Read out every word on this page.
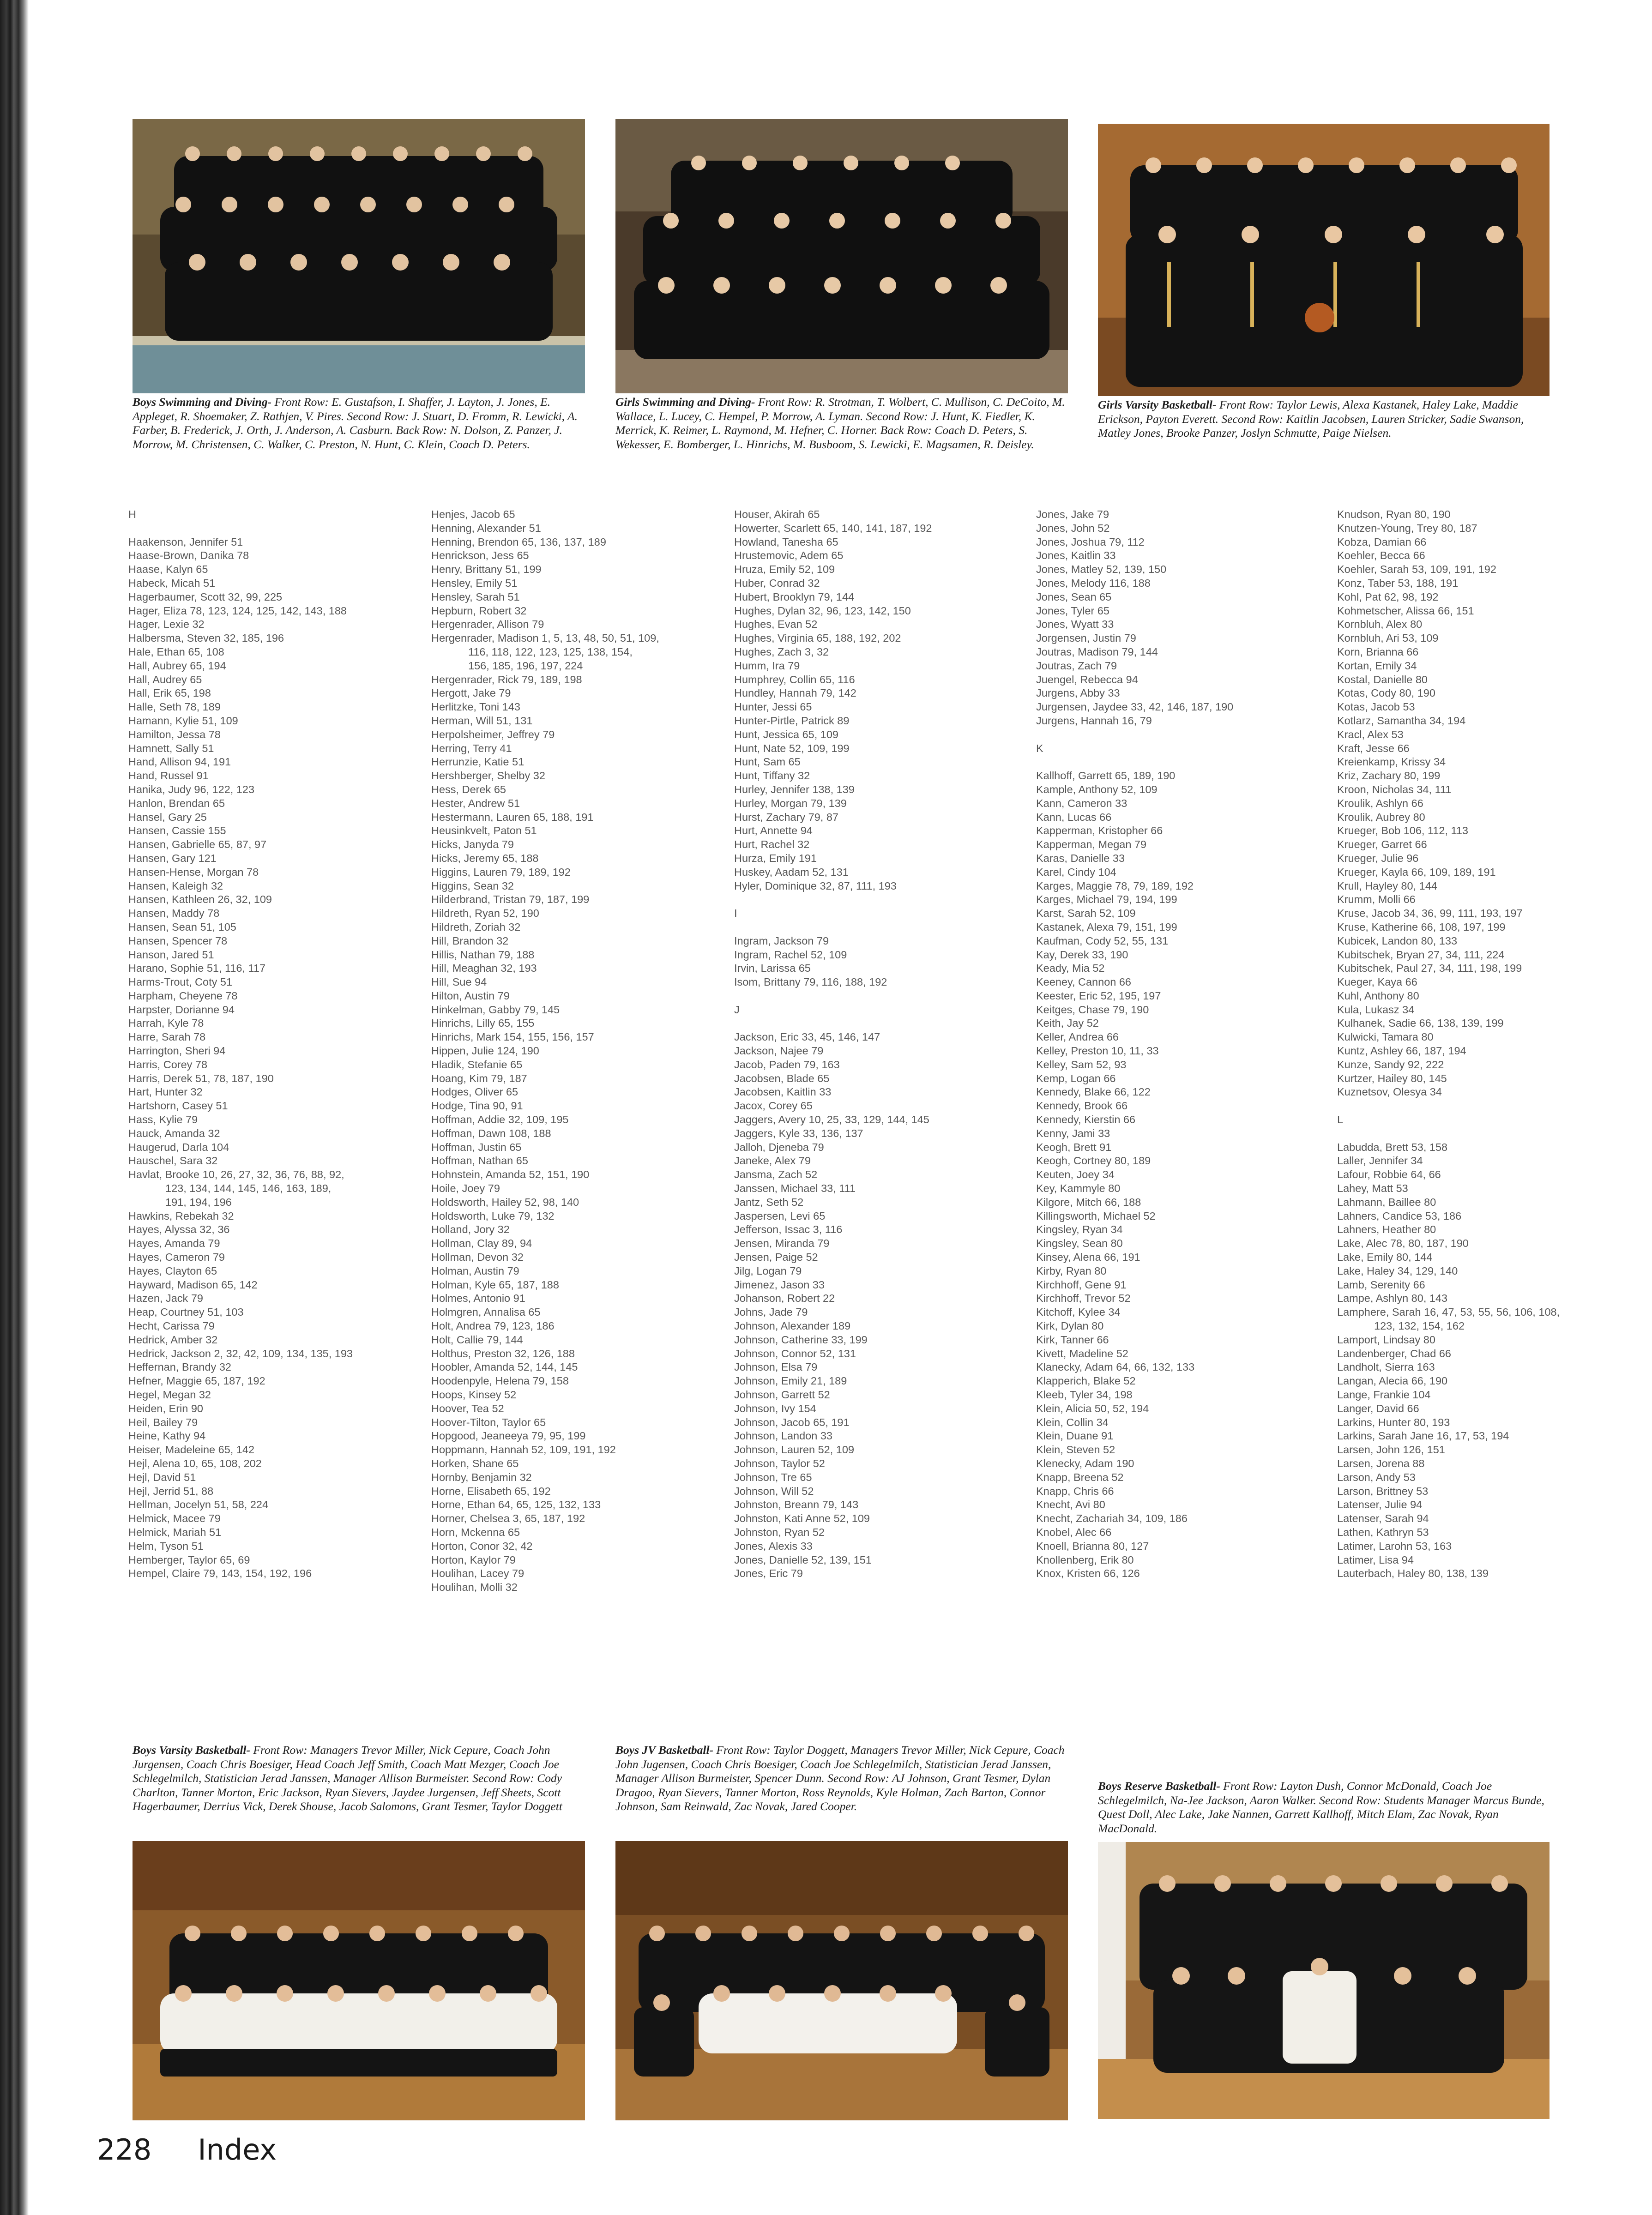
Boys Swimming and Diving- Front Row: E. Gustafson, I. Shaffer, J. Layton, J. Jones, E. Appleget, R. Shoemaker, Z. Rathjen, V. Pires. Second Row: J. Stuart, D. Fromm, R. Lewicki, A. Farber, B. Frederick, J. Orth, J. Anderson, A. Casburn. Back Row: N. Dolson, Z. Panzer, J. Morrow, M. Christensen, C. Walker, C. Preston, N. Hunt, C. Klein, Coach D. Peters.
Girls Swimming and Diving- Front Row: R. Strotman, T. Wolbert, C. Mullison, C. DeCoito, M. Wallace, L. Lucey, C. Hempel, P. Morrow, A. Lyman. Second Row: J. Hunt, K. Fiedler, K. Merrick, K. Reimer, L. Raymond, M. Hefner, C. Horner. Back Row: Coach D. Peters, S. Wekesser, E. Bomberger, L. Hinrichs, M. Busboom, S. Lewicki, E. Magsamen, R. Deisley.
Girls Varsity Basketball- Front Row: Taylor Lewis, Alexa Kastanek, Haley Lake, Maddie Erickson, Payton Everett. Second Row: Kaitlin Jacobsen, Lauren Stricker, Sadie Swanson, Matley Jones, Brooke Panzer, Joslyn Schmutte, Paige Nielsen.
H
Haakenson, Jennifer 51
Haase-Brown, Danika 78
Haase, Kalyn 65
Habeck, Micah 51
Hagerbaumer, Scott 32, 99, 225
Hager, Eliza 78, 123, 124, 125, 142, 143, 188
Hager, Lexie 32
Halbersma, Steven 32, 185, 196
Hale, Ethan 65, 108
Hall, Aubrey 65, 194
Hall, Audrey 65
Hall, Erik 65, 198
Halle, Seth 78, 189
Hamann, Kylie 51, 109
Hamilton, Jessa 78
Hamnett, Sally 51
Hand, Allison 94, 191
Hand, Russel 91
Hanika, Judy 96, 122, 123
Hanlon, Brendan 65
Hansel, Gary 25
Hansen, Cassie 155
Hansen, Gabrielle 65, 87, 97
Hansen, Gary 121
Hansen-Hense, Morgan 78
Hansen, Kaleigh 32
Hansen, Kathleen 26, 32, 109
Hansen, Maddy 78
Hansen, Sean 51, 105
Hansen, Spencer 78
Hanson, Jared 51
Harano, Sophie 51, 116, 117
Harms-Trout, Coty 51
Harpham, Cheyene 78
Harpster, Dorianne 94
Harrah, Kyle 78
Harre, Sarah 78
Harrington, Sheri 94
Harris, Corey 78
Harris, Derek 51, 78, 187, 190
Hart, Hunter 32
Hartshorn, Casey 51
Hass, Kylie 79
Hauck, Amanda 32
Haugerud, Darla 104
Hauschel, Sara 32
Havlat, Brooke 10, 26, 27, 32, 36, 76, 88, 92,
123, 134, 144, 145, 146, 163, 189,
191, 194, 196
Hawkins, Rebekah 32
Hayes, Alyssa 32, 36
Hayes, Amanda 79
Hayes, Cameron 79
Hayes, Clayton 65
Hayward, Madison 65, 142
Hazen, Jack 79
Heap, Courtney 51, 103
Hecht, Carissa 79
Hedrick, Amber 32
Hedrick, Jackson 2, 32, 42, 109, 134, 135, 193
Heffernan, Brandy 32
Hefner, Maggie 65, 187, 192
Hegel, Megan 32
Heiden, Erin 90
Heil, Bailey 79
Heine, Kathy 94
Heiser, Madeleine 65, 142
Hejl, Alena 10, 65, 108, 202
Hejl, David 51
Hejl, Jerrid 51, 88
Hellman, Jocelyn 51, 58, 224
Helmick, Macee 79
Helmick, Mariah 51
Helm, Tyson 51
Hemberger, Taylor 65, 69
Hempel, Claire 79, 143, 154, 192, 196
Henjes, Jacob 65
Henning, Alexander 51
Henning, Brendon 65, 136, 137, 189
Henrickson, Jess 65
Henry, Brittany 51, 199
Hensley, Emily 51
Hensley, Sarah 51
Hepburn, Robert 32
Hergenrader, Allison 79
Hergenrader, Madison 1, 5, 13, 48, 50, 51, 109,
116, 118, 122, 123, 125, 138, 154,
156, 185, 196, 197, 224
Hergenrader, Rick 79, 189, 198
Hergott, Jake 79
Herlitzke, Toni 143
Herman, Will 51, 131
Herpolsheimer, Jeffrey 79
Herring, Terry 41
Herrunzie, Katie 51
Hershberger, Shelby 32
Hess, Derek 65
Hester, Andrew 51
Hestermann, Lauren 65, 188, 191
Heusinkvelt, Paton 51
Hicks, Janyda 79
Hicks, Jeremy 65, 188
Higgins, Lauren 79, 189, 192
Higgins, Sean 32
Hilderbrand, Tristan 79, 187, 199
Hildreth, Ryan 52, 190
Hildreth, Zoriah 32
Hill, Brandon 32
Hillis, Nathan 79, 188
Hill, Meaghan 32, 193
Hill, Sue 94
Hilton, Austin 79
Hinkelman, Gabby 79, 145
Hinrichs, Lilly 65, 155
Hinrichs, Mark 154, 155, 156, 157
Hippen, Julie 124, 190
Hladik, Stefanie 65
Hoang, Kim 79, 187
Hodges, Oliver 65
Hodge, Tina 90, 91
Hoffman, Addie 32, 109, 195
Hoffman, Dawn 108, 188
Hoffman, Justin 65
Hoffman, Nathan 65
Hohnstein, Amanda 52, 151, 190
Hoile, Joey 79
Holdsworth, Hailey 52, 98, 140
Holdsworth, Luke 79, 132
Holland, Jory 32
Hollman, Clay 89, 94
Hollman, Devon 32
Holman, Austin 79
Holman, Kyle 65, 187, 188
Holmes, Antonio 91
Holmgren, Annalisa 65
Holt, Andrea 79, 123, 186
Holt, Callie 79, 144
Holthus, Preston 32, 126, 188
Hoobler, Amanda 52, 144, 145
Hoodenpyle, Helena 79, 158
Hoops, Kinsey 52
Hoover, Tea 52
Hoover-Tilton, Taylor 65
Hopgood, Jeaneeya 79, 95, 199
Hoppmann, Hannah 52, 109, 191, 192
Horken, Shane 65
Hornby, Benjamin 32
Horne, Elisabeth 65, 192
Horne, Ethan 64, 65, 125, 132, 133
Horner, Chelsea 3, 65, 187, 192
Horn, Mckenna 65
Horton, Conor 32, 42
Horton, Kaylor 79
Houlihan, Lacey 79
Houlihan, Molli 32
Houser, Akirah 65
Howerter, Scarlett 65, 140, 141, 187, 192
Howland, Tanesha 65
Hrustemovic, Adem 65
Hruza, Emily 52, 109
Huber, Conrad 32
Hubert, Brooklyn 79, 144
Hughes, Dylan 32, 96, 123, 142, 150
Hughes, Evan 52
Hughes, Virginia 65, 188, 192, 202
Hughes, Zach 3, 32
Humm, Ira 79
Humphrey, Collin 65, 116
Hundley, Hannah 79, 142
Hunter, Jessi 65
Hunter-Pirtle, Patrick 89
Hunt, Jessica 65, 109
Hunt, Nate 52, 109, 199
Hunt, Sam 65
Hunt, Tiffany 32
Hurley, Jennifer 138, 139
Hurley, Morgan 79, 139
Hurst, Zachary 79, 87
Hurt, Annette 94
Hurt, Rachel 32
Hurza, Emily 191
Huskey, Aadam 52, 131
Hyler, Dominique 32, 87, 111, 193
I
Ingram, Jackson 79
Ingram, Rachel 52, 109
Irvin, Larissa 65
Isom, Brittany 79, 116, 188, 192
J
Jackson, Eric 33, 45, 146, 147
Jackson, Najee 79
Jacob, Paden 79, 163
Jacobsen, Blade 65
Jacobsen, Kaitlin 33
Jacox, Corey 65
Jaggers, Avery 10, 25, 33, 129, 144, 145
Jaggers, Kyle 33, 136, 137
Jalloh, Djeneba 79
Janeke, Alex 79
Jansma, Zach 52
Janssen, Michael 33, 111
Jantz, Seth 52
Jaspersen, Levi 65
Jefferson, Issac 3, 116
Jensen, Miranda 79
Jensen, Paige 52
Jilg, Logan 79
Jimenez, Jason 33
Johanson, Robert 22
Johns, Jade 79
Johnson, Alexander 189
Johnson, Catherine 33, 199
Johnson, Connor 52, 131
Johnson, Elsa 79
Johnson, Emily 21, 189
Johnson, Garrett 52
Johnson, Ivy 154
Johnson, Jacob 65, 191
Johnson, Landon 33
Johnson, Lauren 52, 109
Johnson, Taylor 52
Johnson, Tre 65
Johnson, Will 52
Johnston, Breann 79, 143
Johnston, Kati Anne 52, 109
Johnston, Ryan 52
Jones, Alexis 33
Jones, Danielle 52, 139, 151
Jones, Eric 79
Jones, Jake 79
Jones, John 52
Jones, Joshua 79, 112
Jones, Kaitlin 33
Jones, Matley 52, 139, 150
Jones, Melody 116, 188
Jones, Sean 65
Jones, Tyler 65
Jones, Wyatt 33
Jorgensen, Justin 79
Joutras, Madison 79, 144
Joutras, Zach 79
Juengel, Rebecca 94
Jurgens, Abby 33
Jurgensen, Jaydee 33, 42, 146, 187, 190
Jurgens, Hannah 16, 79
K
Kallhoff, Garrett 65, 189, 190
Kample, Anthony 52, 109
Kann, Cameron 33
Kann, Lucas 66
Kapperman, Kristopher 66
Kapperman, Megan 79
Karas, Danielle 33
Karel, Cindy 104
Karges, Maggie 78, 79, 189, 192
Karges, Michael 79, 194, 199
Karst, Sarah 52, 109
Kastanek, Alexa 79, 151, 199
Kaufman, Cody 52, 55, 131
Kay, Derek 33, 190
Keady, Mia 52
Keeney, Cannon 66
Keester, Eric 52, 195, 197
Keitges, Chase 79, 190
Keith, Jay 52
Keller, Andrea 66
Kelley, Preston 10, 11, 33
Kelley, Sam 52, 93
Kemp, Logan 66
Kennedy, Blake 66, 122
Kennedy, Brook 66
Kennedy, Kierstin 66
Kenny, Jami 33
Keogh, Brett 91
Keogh, Cortney 80, 189
Keuten, Joey 34
Key, Kammyle 80
Kilgore, Mitch 66, 188
Killingsworth, Michael 52
Kingsley, Ryan 34
Kingsley, Sean 80
Kinsey, Alena 66, 191
Kirby, Ryan 80
Kirchhoff, Gene 91
Kirchhoff, Trevor 52
Kitchoff, Kylee 34
Kirk, Dylan 80
Kirk, Tanner 66
Kivett, Madeline 52
Klanecky, Adam 64, 66, 132, 133
Klapperich, Blake 52
Kleeb, Tyler 34, 198
Klein, Alicia 50, 52, 194
Klein, Collin 34
Klein, Duane 91
Klein, Steven 52
Klenecky, Adam 190
Knapp, Breena 52
Knapp, Chris 66
Knecht, Avi 80
Knecht, Zachariah 34, 109, 186
Knobel, Alec 66
Knoell, Brianna 80, 127
Knollenberg, Erik 80
Knox, Kristen 66, 126
Knudson, Ryan 80, 190
Knutzen-Young, Trey 80, 187
Kobza, Damian 66
Koehler, Becca 66
Koehler, Sarah 53, 109, 191, 192
Konz, Taber 53, 188, 191
Kohl, Pat 62, 98, 192
Kohmetscher, Alissa 66, 151
Kornbluh, Alex 80
Kornbluh, Ari 53, 109
Korn, Brianna 66
Kortan, Emily 34
Kostal, Danielle 80
Kotas, Cody 80, 190
Kotas, Jacob 53
Kotlarz, Samantha 34, 194
Kracl, Alex 53
Kraft, Jesse 66
Kreienkamp, Krissy 34
Kriz, Zachary 80, 199
Kroon, Nicholas 34, 111
Kroulik, Ashlyn 66
Kroulik, Aubrey 80
Krueger, Bob 106, 112, 113
Krueger, Garret 66
Krueger, Julie 96
Krueger, Kayla 66, 109, 189, 191
Krull, Hayley 80, 144
Krumm, Molli 66
Kruse, Jacob 34, 36, 99, 111, 193, 197
Kruse, Katherine 66, 108, 197, 199
Kubicek, Landon 80, 133
Kubitschek, Bryan 27, 34, 111, 224
Kubitschek, Paul 27, 34, 111, 198, 199
Kueger, Kaya 66
Kuhl, Anthony 80
Kula, Lukasz 34
Kulhanek, Sadie 66, 138, 139, 199
Kulwicki, Tamara 80
Kuntz, Ashley 66, 187, 194
Kunze, Sandy 92, 222
Kurtzer, Hailey 80, 145
Kuznetsov, Olesya 34
L
Labudda, Brett 53, 158
Laller, Jennifer 34
Lafour, Robbie 64, 66
Lahey, Matt 53
Lahmann, Baillee 80
Lahners, Candice 53, 186
Lahners, Heather 80
Lake, Alec 78, 80, 187, 190
Lake, Emily 80, 144
Lake, Haley 34, 129, 140
Lamb, Serenity 66
Lampe, Ashlyn 80, 143
Lamphere, Sarah 16, 47, 53, 55, 56, 106, 108,
123, 132, 154, 162
Lamport, Lindsay 80
Landenberger, Chad 66
Landholt, Sierra 163
Langan, Alecia 66, 190
Lange, Frankie 104
Langer, David 66
Larkins, Hunter 80, 193
Larkins, Sarah Jane 16, 17, 53, 194
Larsen, John 126, 151
Larsen, Jorena 88
Larson, Andy 53
Larson, Brittney 53
Latenser, Julie 94
Latenser, Sarah 94
Lathen, Kathryn 53
Latimer, Larohn 53, 163
Latimer, Lisa 94
Lauterbach, Haley 80, 138, 139
Boys Varsity Basketball- Front Row: Managers Trevor Miller, Nick Cepure, Coach John Jurgensen, Coach Chris Boesiger, Head Coach Jeff Smith, Coach Matt Mezger, Coach Joe Schlegelmilch, Statistician Jerad Janssen, Manager Allison Burmeister. Second Row: Cody Charlton, Tanner Morton, Eric Jackson, Ryan Sievers, Jaydee Jurgensen, Jeff Sheets, Scott Hagerbaumer, Derrius Vick, Derek Shouse, Jacob Salomons, Grant Tesmer, Taylor Doggett
Boys JV Basketball- Front Row: Taylor Doggett, Managers Trevor Miller, Nick Cepure, Coach John Jugensen, Coach Chris Boesiger, Coach Joe Schlegelmilch, Statistician Jerad Janssen, Manager Allison Burmeister, Spencer Dunn. Second Row: AJ Johnson, Grant Tesmer, Dylan Dragoo, Ryan Sievers, Tanner Morton, Ross Reynolds, Kyle Holman, Zach Barton, Connor Johnson, Sam Reinwald, Zac Novak, Jared Cooper.
Boys Reserve Basketball- Front Row: Layton Dush, Connor McDonald, Coach Joe Schlegelmilch, Na-Jee Jackson, Aaron Walker. Second Row: Students Manager Marcus Bunde, Quest Doll, Alec Lake, Jake Nannen, Garrett Kallhoff, Mitch Elam, Zac Novak, Ryan MacDonald.
228 Index
